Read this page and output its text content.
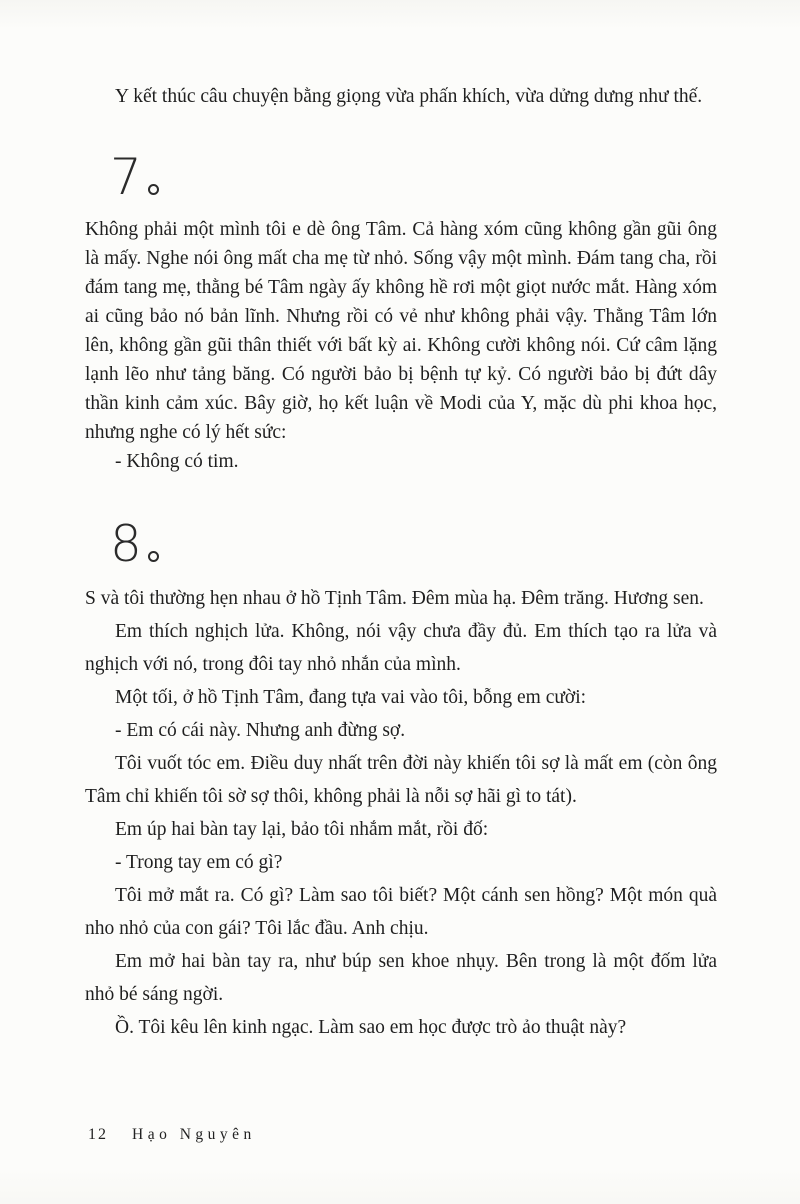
Y kết thúc câu chuyện bằng giọng vừa phấn khích, vừa dửng dưng như thế.

7

Không phải một mình tôi e dè ông Tâm. Cả hàng xóm cũng không gần gũi ông là mấy. Nghe nói ông mất cha mẹ từ nhỏ. Sống vậy một mình. Đám tang cha, rồi đám tang mẹ, thằng bé Tâm ngày ấy không hề rơi một giọt nước mắt. Hàng xóm ai cũng bảo nó bản lĩnh. Nhưng rồi có vẻ như không phải vậy. Thằng Tâm lớn lên, không gần gũi thân thiết với bất kỳ ai. Không cười không nói. Cứ câm lặng lạnh lẽo như tảng băng. Có người bảo bị bệnh tự kỷ. Có người bảo bị đứt dây thần kinh cảm xúc. Bây giờ, họ kết luận về Modi của Y, mặc dù phi khoa học, nhưng nghe có lý hết sức:

- Không có tim.

8

S và tôi thường hẹn nhau ở hồ Tịnh Tâm. Đêm mùa hạ. Đêm trăng. Hương sen.

Em thích nghịch lửa. Không, nói vậy chưa đầy đủ. Em thích tạo ra lửa và nghịch với nó, trong đôi tay nhỏ nhắn của mình.

Một tối, ở hồ Tịnh Tâm, đang tựa vai vào tôi, bỗng em cười:

- Em có cái này. Nhưng anh đừng sợ.

Tôi vuốt tóc em. Điều duy nhất trên đời này khiến tôi sợ là mất em (còn ông Tâm chỉ khiến tôi sờ sợ thôi, không phải là nỗi sợ hãi gì to tát).

Em úp hai bàn tay lại, bảo tôi nhắm mắt, rồi đố:

- Trong tay em có gì?

Tôi mở mắt ra. Có gì? Làm sao tôi biết? Một cánh sen hồng? Một món quà nho nhỏ của con gái? Tôi lắc đầu. Anh chịu.

Em mở hai bàn tay ra, như búp sen khoe nhụy. Bên trong là một đốm lửa nhỏ bé sáng ngời.

Ồ. Tôi kêu lên kinh ngạc. Làm sao em học được trò ảo thuật này?

12 Hạo Nguyên
